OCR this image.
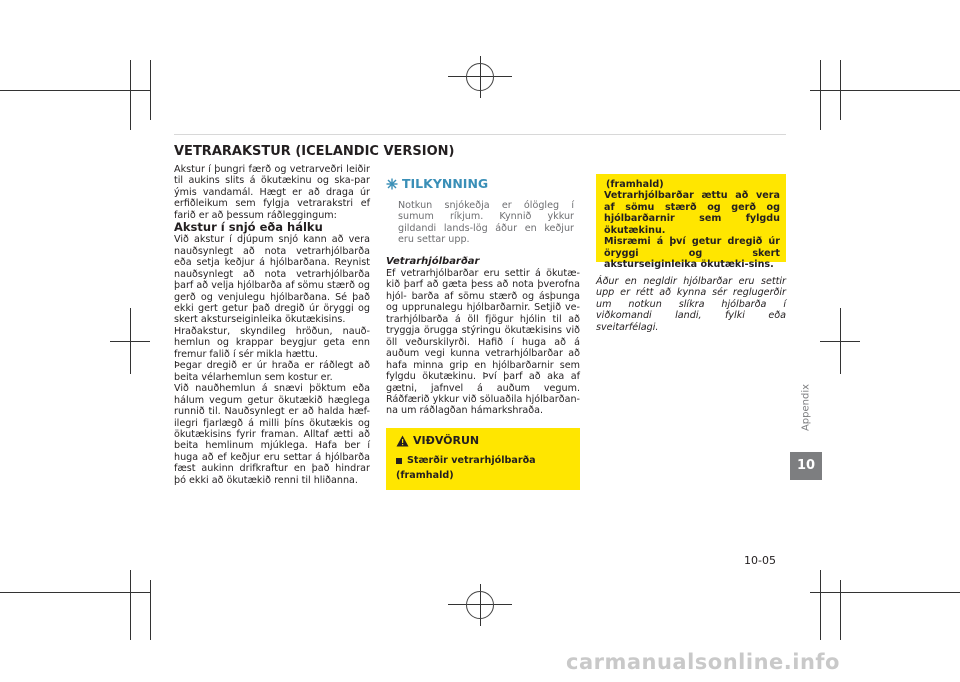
VETRARAKSTUR (ICELANDIC VERSION)

Akstur í þungri færð og vetrarveðri leiðir til aukins slits á ökutækinu og ska-par ýmis vandamál. Hægt er að draga úr erfiðleikum sem fylgja vetrarakstri ef farið er að þessum ráðleggingum:

Akstur í snjó eða hálku

Við akstur í djúpum snjó kann að vera nauðsynlegt að nota vetrarhjólbarða eða setja keðjur á hjólbarðana. Reynist nauðsynlegt að nota vetrarhjólbarða þarf að velja hjólbarða af sömu stærð og gerð og venjulegu hjólbarðana. Sé það ekki gert getur það dregið úr öryggi og skert aksturseiginleika ökutækisins.

Hraðakstur, skyndileg hröðun, nauð-hemlun og krappar beygjur geta enn fremur falið í sér mikla hættu.

Þegar dregið er úr hraða er ráðlegt að beita vélarhemlun sem kostur er.

Við nauðhemlun á snævi þöktum eða hálum vegum getur ökutækið hæglega runnið til. Nauðsynlegt er að halda hæf-ilegri fjarlægð á milli þíns ökutækis og ökutækisins fyrir framan. Alltaf ætti að beita hemlinum mjúklega. Hafa ber í huga að ef keðjur eru settar á hjólbarða fæst aukinn drifkraftur en það hindrar þó ekki að ökutækið renni til hliðanna.

TILKYNNING
Notkun snjókeðja er ólögleg í sumum ríkjum. Kynnið ykkur gildandi lands-lög áður en keðjur eru settar upp.

Vetrarhjólbarðar

Ef vetrarhjólbarðar eru settir á ökutæ-kið þarf að gæta þess að nota þverofna hjól- barða af sömu stærð og ásþunga og upprunalegu hjólbarðarnir. Setjið ve-trarhjólbarða á öll fjögur hjólin til að tryggja örugga stýringu ökutækisins við öll veðurskilyrði. Hafið í huga að á auðum vegi kunna vetrarhjólbarðar að hafa minna grip en hjólbarðarnir sem fylgdu ökutækinu. Því þarf að aka af gætni, jafnvel á auðum vegum. Ráðfærið ykkur við söluaðila hjólbarðan-na um ráðlagðan hámarkshraða.

VIÐVÖRUN
Stærðir vetrarhjólbarða
(framhald)

(framhald)

Vetrarhjólbarðar ættu að vera af sömu stærð og gerð og hjólbarðarnir sem fylgdu ökutækinu.

Misræmi á því getur dregið úr öryggi og skert aksturseiginleika ökutæki-sins.

Áður en negldir hjólbarðar eru settir upp er rétt að kynna sér reglugerðir um notkun slíkra hjólbarða í viðkomandi landi, fylki eða sveitarfélagi.
Appendix
10
10-05
carmanualsonline.info
